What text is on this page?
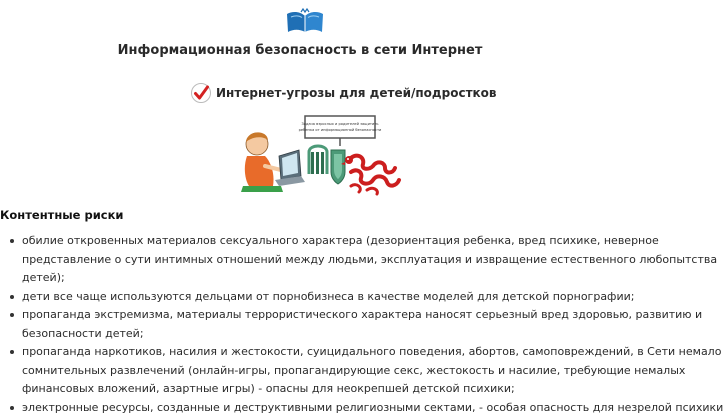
Информационная безопасность в сети Интернет
Интернет-угрозы для детей/подростков
Задача взрослых и родителей защитить
ребенка от информационной безопасности
Контентные риски
обилие откровенных материалов сексуального характера (дезориентация ребенка, вред психике, неверное
представление о сути интимных отношений между людьми, эксплуатация и извращение естественного любопытства
детей);
дети все чаще используются дельцами от порнобизнеса в качестве моделей для детской порнографии;
пропаганда экстремизма, материалы террористического характера наносят серьезный вред здоровью, развитию и
безопасности детей;
пропаганда наркотиков, насилия и жестокости, суицидального поведения, абортов, самоповреждений, в Сети немало
сомнительных развлечений (онлайн-игры, пропагандирующие секс, жестокость и насилие, требующие немалых
финансовых вложений, азартные игры) - опасны для неокрепшей детской психики;
электронные ресурсы, созданные и деструктивными религиозными сектами, - особая опасность для незрелой психики
